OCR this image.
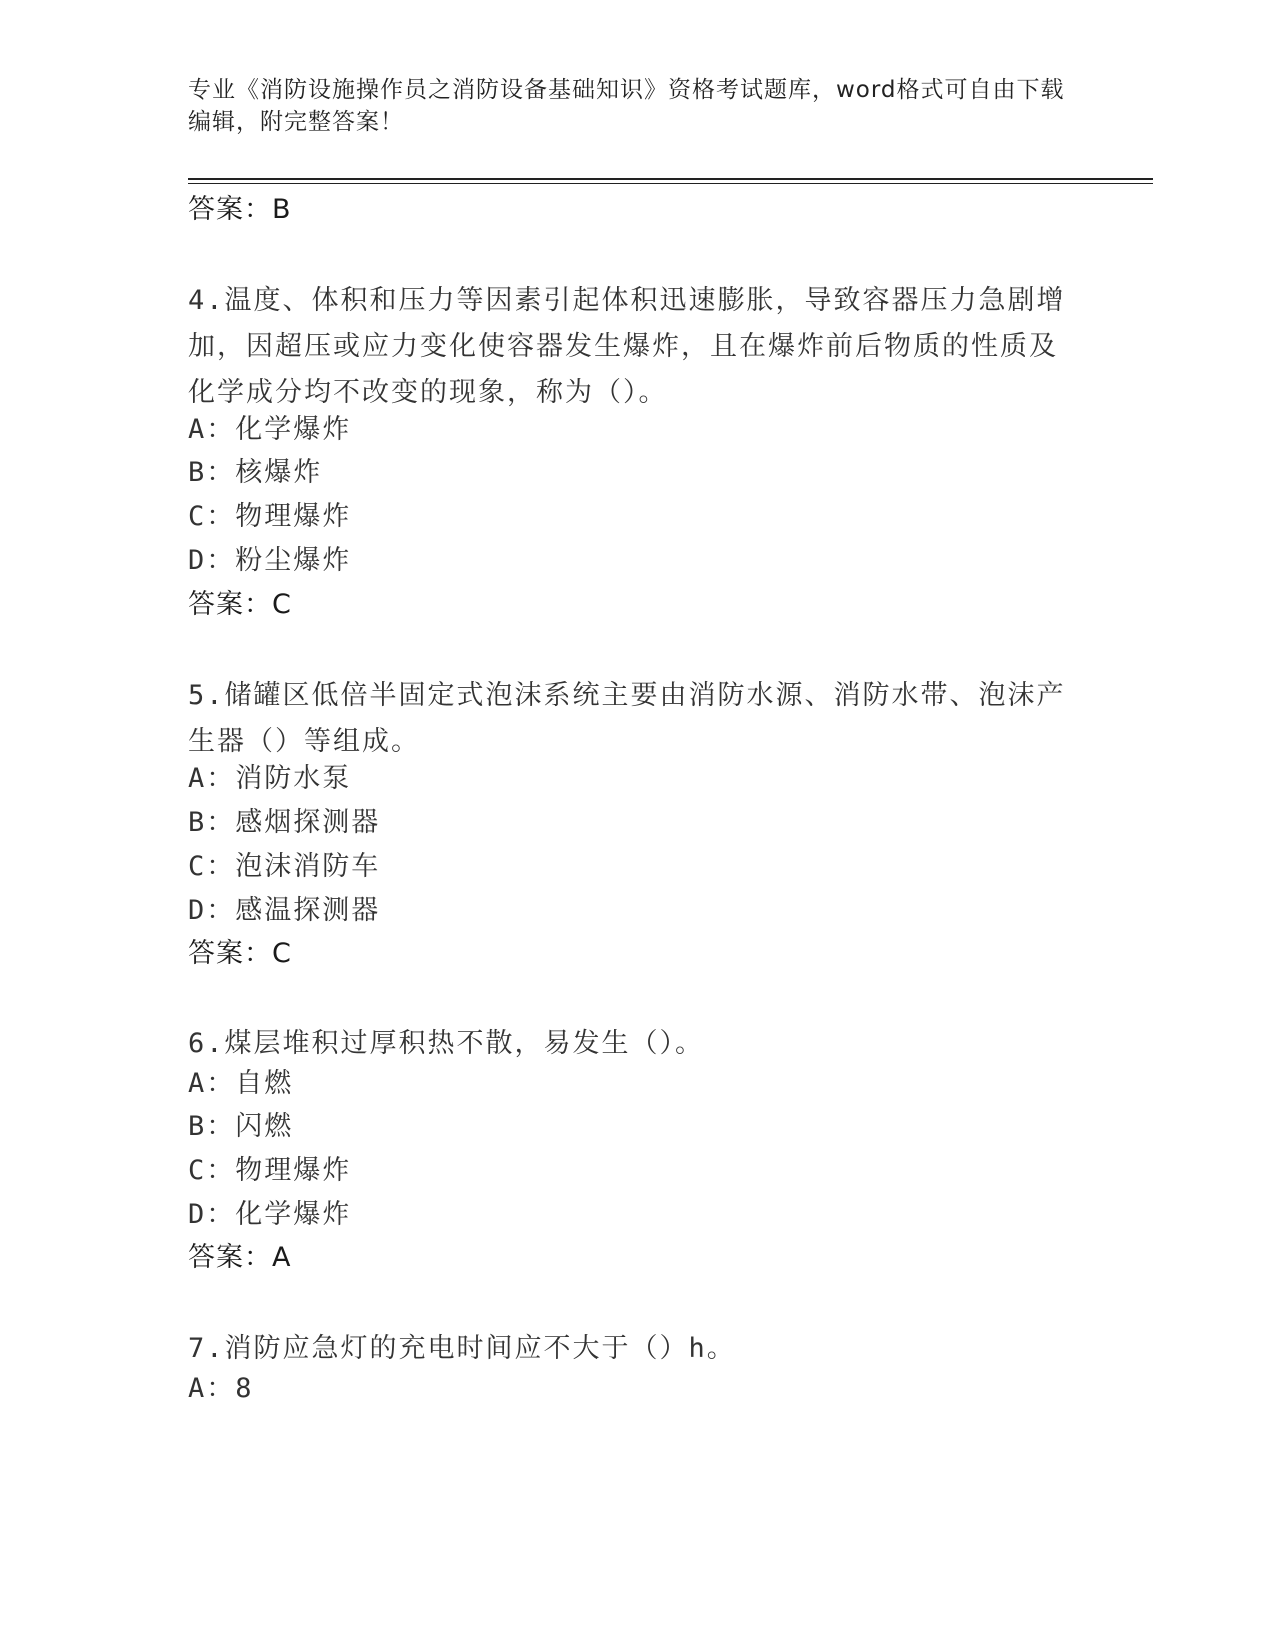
专业《消防设施操作员之消防设备基础知识》资格考试题库，word格式可自由下载编辑，附完整答案！
答案：B
4.温度、体积和压力等因素引起体积迅速膨胀，导致容器压力急剧增加，因超压或应力变化使容器发生爆炸，且在爆炸前后物质的性质及化学成分均不改变的现象，称为（）。
A：化学爆炸
B：核爆炸
C：物理爆炸
D：粉尘爆炸
答案：C
5.储罐区低倍半固定式泡沫系统主要由消防水源、消防水带、泡沫产生器（）等组成。
A：消防水泵
B：感烟探测器
C：泡沫消防车
D：感温探测器
答案：C
6.煤层堆积过厚积热不散，易发生（）。
A：自燃
B：闪燃
C：物理爆炸
D：化学爆炸
答案：A
7.消防应急灯的充电时间应不大于（）h。
A：8
